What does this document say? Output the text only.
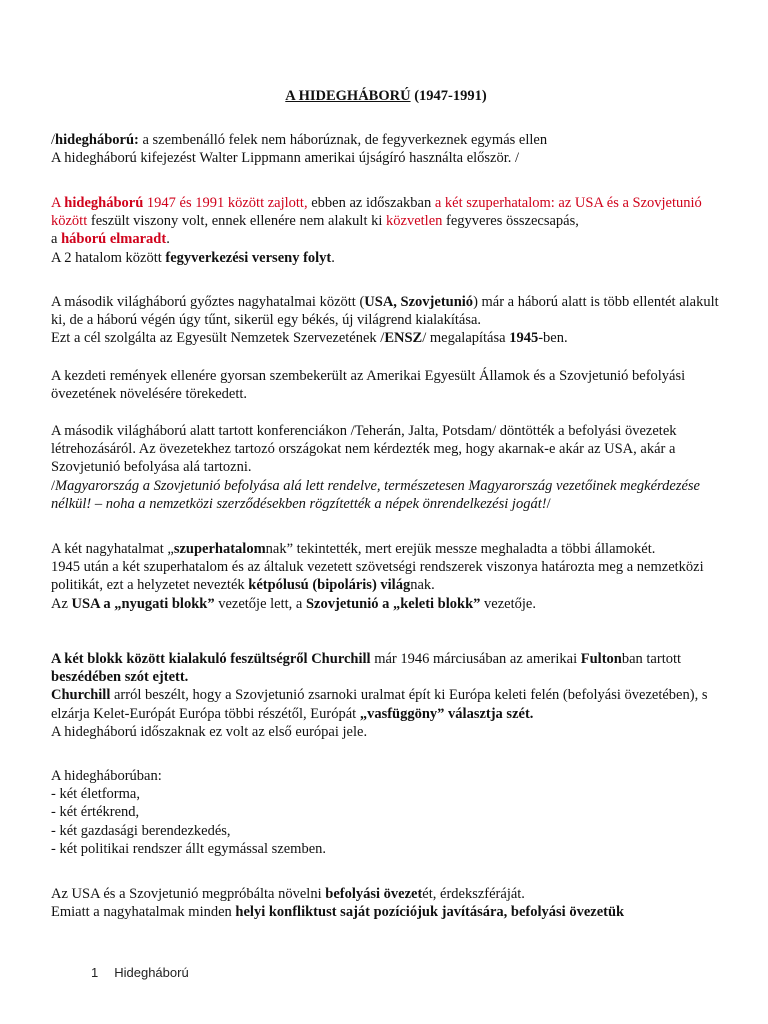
A HIDEGHÁBORÚ (1947-1991)
/hidegháború: a szembenálló felek nem háborúznak, de fegyverkeznek egymás ellen
A hidegháború kifejezést Walter Lippmann amerikai újságíró használta először. /
A hidegháború 1947 és 1991 között zajlott, ebben az időszakban a két szuperhatalom: az USA és a Szovjetunió között feszült viszony volt, ennek ellenére nem alakult ki közvetlen fegyveres összecsapás,
a háború elmaradt.
A 2 hatalom között fegyverkezési verseny folyt.
A második világháború győztes nagyhatalmai között (USA, Szovjetunió) már a háború alatt is több ellentét alakult ki, de a háború végén úgy tűnt, sikerül egy békés, új világrend kialakítása.
Ezt a cél szolgálta az Egyesült Nemzetek Szervezetének /ENSZ/ megalapítása 1945-ben.
A kezdeti remények ellenére gyorsan szembekerült az Amerikai Egyesült Államok és a Szovjetunió befolyási övezetének növelésére törekedett.
A második világháború alatt tartott konferenciákon /Teherán, Jalta, Potsdam/ döntötték a befolyási övezetek létrehozásáról. Az övezetekhez tartozó országokat nem kérdezték meg, hogy akarnak-e akár az USA, akár a Szovjetunió befolyása alá tartozni.
/Magyarország a Szovjetunió befolyása alá lett rendelve, természetesen Magyarország vezetőinek megkérdezése nélkül! – noha a nemzetközi szerződésekben rögzítették a népek önrendelkezési jogát!/
A két nagyhatalmat „szuperhatalomnak” tekintették, mert erejük messze meghaladta a többi államokét.
1945 után a két szuperhatalom és az általuk vezetett szövetségi rendszerek viszonya határozta meg a nemzetközi politikát, ezt a helyzetet nevezték kétpólusú (bipoláris) világnak.
Az USA a „nyugati blokk” vezetője lett, a Szovjetunió a „keleti blokk” vezetője.
A két blokk között kialakuló feszültségről Churchill már 1946 márciusában az amerikai Fultonban tartott beszédében szót ejtett.
Churchill arról beszélt, hogy a Szovjetunió zsarnoki uralmat épít ki Európa keleti felén (befolyási övezetében), s elzárja Kelet-Európát Európa többi részétől, Európát „vasfüggöny” választja szét.
A hidegháború időszaknak ez volt az első európai jele.
A hidegháborúban:
- két életforma,
- két értékrend,
- két gazdasági berendezkedés,
- két politikai rendszer állt egymással szemben.
Az USA és a Szovjetunió megpróbálta növelni befolyási övezetét, érdekszféráját.
Emiatt a nagyhatalmak minden helyi konfliktust saját pozíciójuk javítására, befolyási övezetük
1 Hidegháború
